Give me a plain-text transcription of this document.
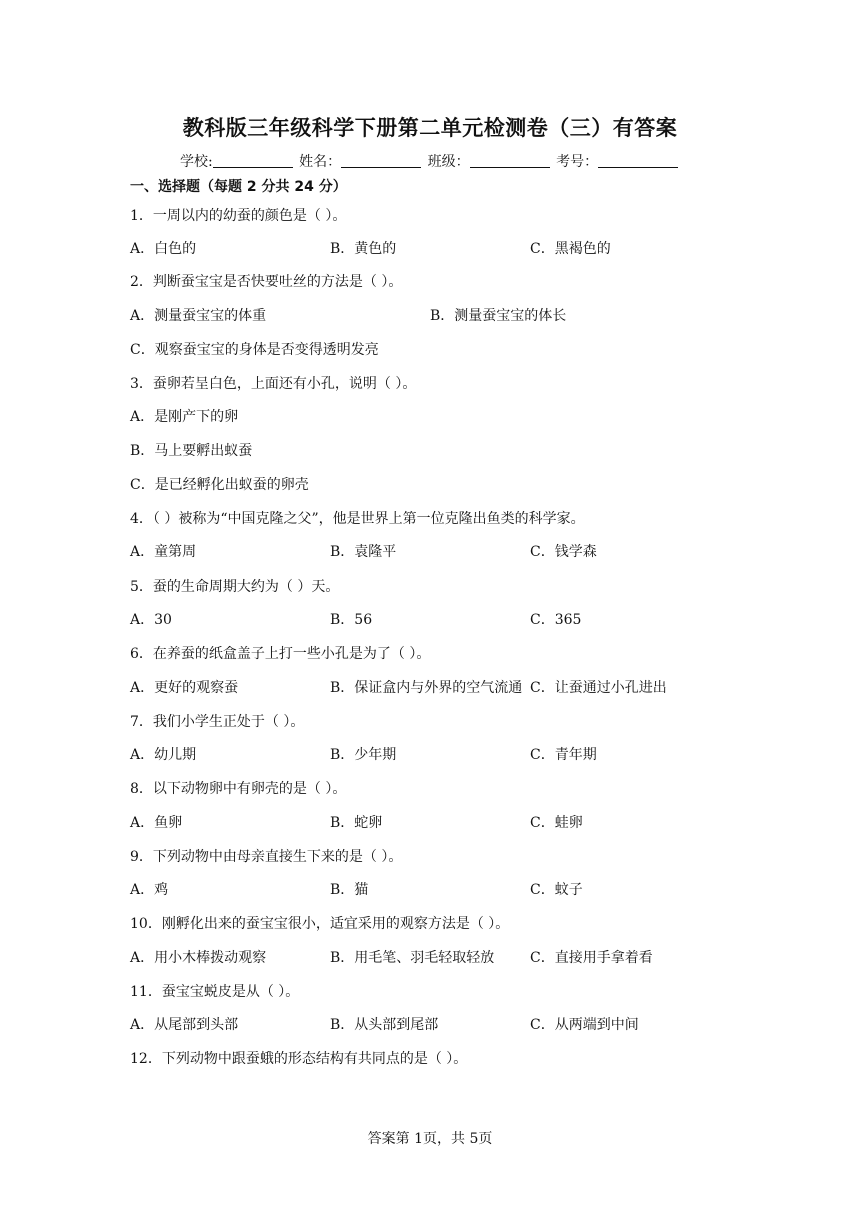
教科版三年级科学下册第二单元检测卷（三）有答案
学校:	姓名：	班级：	考号：
一、选择题（每题 2 分共 24 分）
1．一周以内的幼蚕的颜色是（ ）。
A．白色的	B．黄色的	C．黑褐色的
2．判断蚕宝宝是否快要吐丝的方法是（ ）。
A．测量蚕宝宝的体重	B．测量蚕宝宝的体长
C．观察蚕宝宝的身体是否变得透明发亮
3．蚕卵若呈白色，上面还有小孔，说明（ ）。
A．是刚产下的卵
B．马上要孵出蚁蚕
C．是已经孵化出蚁蚕的卵壳
4．（ ）被称为“中国克隆之父”，他是世界上第一位克隆出鱼类的科学家。
A．童第周	B．袁隆平	C．钱学森
5．蚕的生命周期大约为（ ）天。
A．30	B．56	C．365
6．在养蚕的纸盒盖子上打一些小孔是为了（ ）。
A．更好的观察蚕	B．保证盒内与外界的空气流通 C．让蚕通过小孔进出
7．我们小学生正处于（ ）。
A．幼儿期	B．少年期	C．青年期
8．以下动物卵中有卵壳的是（ ）。
A．鱼卵	B．蛇卵	C．蛙卵
9．下列动物中由母亲直接生下来的是（ ）。
A．鸡	B．猫	C．蚊子
10．刚孵化出来的蚕宝宝很小，适宜采用的观察方法是（ ）。
A．用小木棒拨动观察	B．用毛笔、羽毛轻取轻放	C．直接用手拿着看
11．蚕宝宝蜕皮是从（ ）。
A．从尾部到头部	B．从头部到尾部	C．从两端到中间
12．下列动物中跟蚕蛾的形态结构有共同点的是（ ）。
答案第 1页，共 5页
